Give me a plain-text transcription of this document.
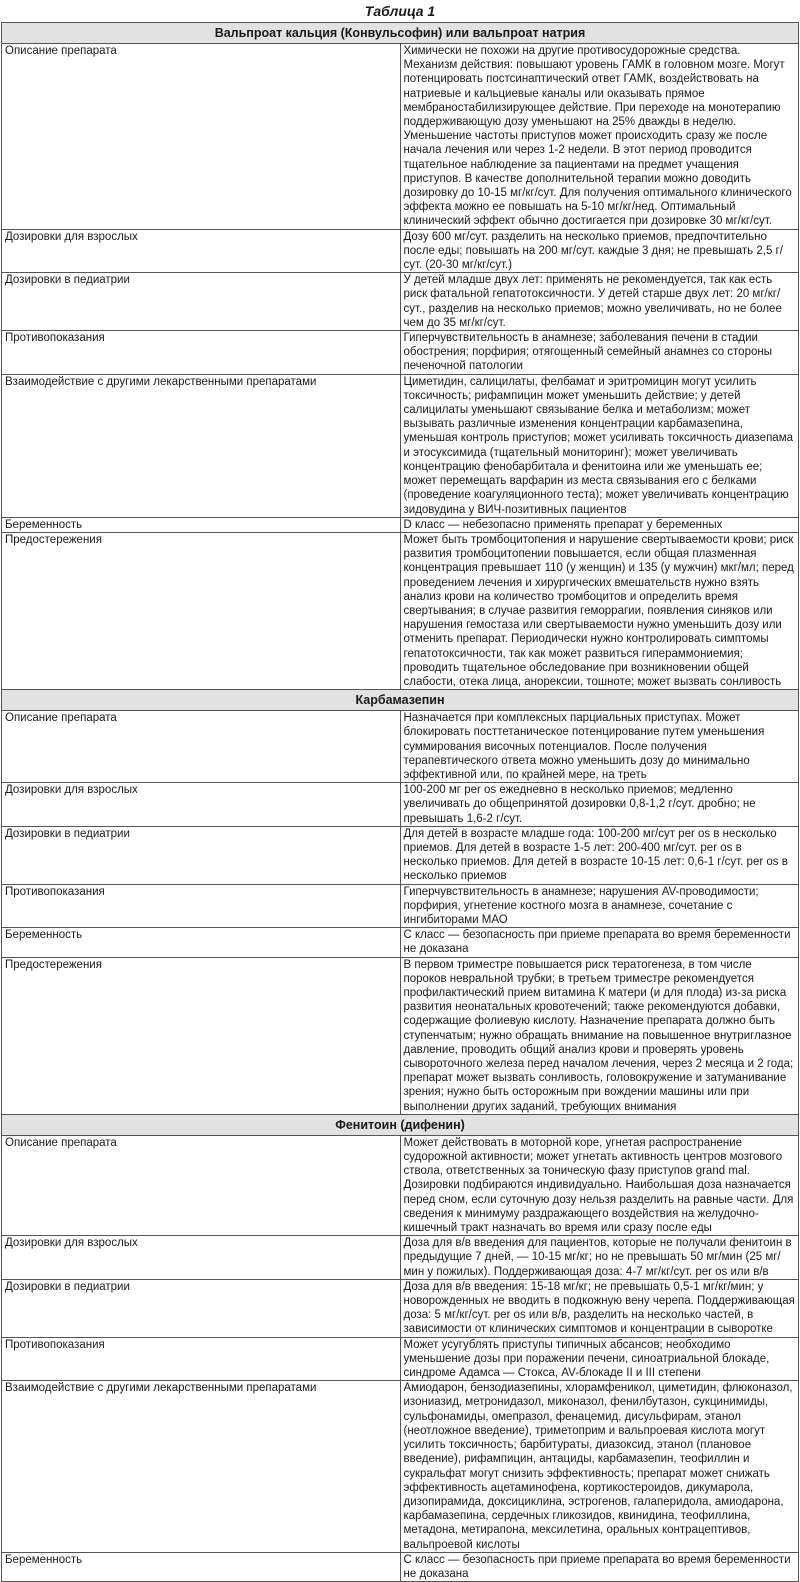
Таблица 1
Вальпроат кальция (Конвульсофин) или вальпроат натрия	
Описание препарата	Химически не похожи на другие противосудорожные средства. Механизм действия: повышают уровень ГАМК в головном мозге. Могут потенцировать постсинаптический ответ ГАМК, воздействовать на натриевые и кальциевые каналы или оказывать прямое мембраностабилизирующее действие. При переходе на монотерапию поддерживающую дозу уменьшают на 25% дважды в неделю. Уменьшение частоты приступов может происходить сразу же после начала лечения или через 1-2 недели. В этот период проводится тщательное наблюдение за пациентами на предмет учащения приступов. В качестве дополнительной терапии можно доводить дозировку до 10-15 мг/кг/сут. Для получения оптимального клинического эффекта можно ее повышать на 5-10 мг/кг/нед. Оптимальный клинический эффект обычно достигается при дозировке 30 мг/кг/сут.
Дозировки для взрослых	Дозу 600 мг/сут. разделить на несколько приемов, предпочтительно после еды; повышать на 200 мг/сут. каждые 3 дня; не превышать 2,5 г/сут. (20-30 мг/кг/сут.)
Дозировки в педиатрии	У детей младше двух лет: применять не рекомендуется, так как есть риск фатальной гепатотоксичности. У детей старше двух лет: 20 мг/кг/сут., разделив на несколько приемов; можно увеличивать, но не более чем до 35 мг/кг/сут.
Противопоказания	Гиперчувствительность в анамнезе; заболевания печени в стадии обострения; порфирия; отягощенный семейный анамнез со стороны печеночной патологии
Взаимодействие с другими лекарственными препаратами	Циметидин, салицилаты, фелбамат и эритромицин могут усилить токсичность; рифампицин может уменьшить действие; у детей салицилаты уменьшают связывание белка и метаболизм; может вызывать различные изменения концентрации карбамазепина, уменьшая контроль приступов; может усиливать токсичность диазепама и этосуксимида (тщательный мониторинг); может увеличивать концентрацию фенобарбитала и фенитоина или же уменьшать ее; может перемещать варфарин из места связывания его с белками (проведение коагуляционного теста); может увеличивать концентрацию зидовудина у ВИЧ-позитивных пациентов
Беременность	D класс — небезопасно применять препарат у беременных
Предостережения	Может быть тромбоцитопения и нарушение свертываемости крови; риск развития тромбоцитопении повышается, если общая плазменная концентрация превышает 110 (у женщин) и 135 (у мужчин) мкг/мл; перед проведением лечения и хирургических вмешательств нужно взять анализ крови на количество тромбоцитов и определить время свертывания; в случае развития геморрагии, появления синяков или нарушения гемостаза или свертываемости нужно уменьшить дозу или отменить препарат. Периодически нужно контролировать симптомы гепатотоксичности, так как может развиться гипераммониемия; проводить тщательное обследование при возникновении общей слабости, отека лица, анорексии, тошноте; может вызвать сонливость
Карбамазепин	
Описание препарата	Назначается при комплексных парциальных приступах. Может блокировать посттетаническое потенцирование путем уменьшения суммирования височных потенциалов. После получения терапевтического ответа можно уменьшить дозу до минимально эффективной или, по крайней мере, на треть
Дозировки для взрослых	100-200 мг per os ежедневно в несколько приемов; медленно увеличивать до общепринятой дозировки 0,8-1,2 г/сут. дробно; не превышать 1,6-2 г/сут.
Дозировки в педиатрии	Для детей в возрасте младше года: 100-200 мг/сут per os в несколько приемов. Для детей в возрасте 1-5 лет: 200-400 мг/сут. per os в несколько приемов. Для детей в возрасте 10-15 лет: 0,6-1 г/сут. per os в несколько приемов
Противопоказания	Гиперчувствительность в анамнезе; нарушения AV-проводимости; порфирия, угнетение костного мозга в анамнезе, сочетание с ингибиторами МАО
Беременность	С класс — безопасность при приеме препарата во время беременности не доказана
Предостережения	В первом триместре повышается риск тератогенеза, в том числе пороков невральной трубки; в третьем триместре рекомендуется профилактический прием витамина К матери (и для плода) из-за риска развития неонатальных кровотечений; также рекомендуются добавки, содержащие фолиевую кислоту. Назначение препарата должно быть ступенчатым; нужно обращать внимание на повышенное внутриглазное давление, проводить общий анализ крови и проверять уровень сывороточного железа перед началом лечения, через 2 месяца и 2 года; препарат может вызвать сонливость, головокружение и затуманивание зрения; нужно быть осторожным при вождении машины или при выполнении других заданий, требующих внимания
Фенитоин (дифенин)	
Описание препарата	Может действовать в моторной коре, угнетая распространение судорожной активности; может угнетать активность центров мозгового ствола, ответственных за тоническую фазу приступов grand mal. Дозировки подбираются индивидуально. Наибольшая доза назначается перед сном, если суточную дозу нельзя разделить на равные части. Для сведения к минимуму раздражающего воздействия на желудочно-кишечный тракт назначать во время или сразу после еды
Дозировки для взрослых	Доза для в/в введения для пациентов, которые не получали фенитоин в предыдущие 7 дней, — 10-15 мг/кг; но не превышать 50 мг/мин (25 мг/мин у пожилых). Поддерживающая доза: 4-7 мг/кг/сут. per os или в/в
Дозировки в педиатрии	Доза для в/в введения: 15-18 мг/кг; не превышать 0,5-1 мг/кг/мин; у новорожденных не вводить в подкожную вену черепа. Поддерживающая доза: 5 мг/кг/сут. per os или в/в, разделить на несколько частей, в зависимости от клинических симптомов и концентрации в сыворотке
Противопоказания	Может усугублять приступы типичных абсансов; необходимо уменьшение дозы при поражении печени, синоатриальной блокаде, синдроме Адамса — Стокса, AV-блокаде II и III степени
Взаимодействие с другими лекарственными препаратами	Амиодарон, бензодиазепины, хлорамфеникол, циметидин, флюконазол, изониазид, метронидазол, миконазол, фенилбутазон, сукцинимиды, сульфонамиды, омепразол, фенацемид, дисульфирам, этанол (неотложное введение), триметоприм и вальпроевая кислота могут усилить токсичность; барбитураты, диазоксид, этанол (плановое введение), рифампицин, антациды, карбамазепин, теофиллин и сукральфат могут снизить эффективность; препарат может снижать эффективность ацетаминофена, кортикостероидов, дикумарола, дизопирамида, доксициклина, эстрогенов, галаперидола, амиодарона, карбамазепина, сердечных гликозидов, квинидина, теофиллина, метадона, метирапона, мексилетина, оральных контрацептивов, вальпроевой кислоты
Беременность	С класс — безопасность при приеме препарата во время беременности не доказана
